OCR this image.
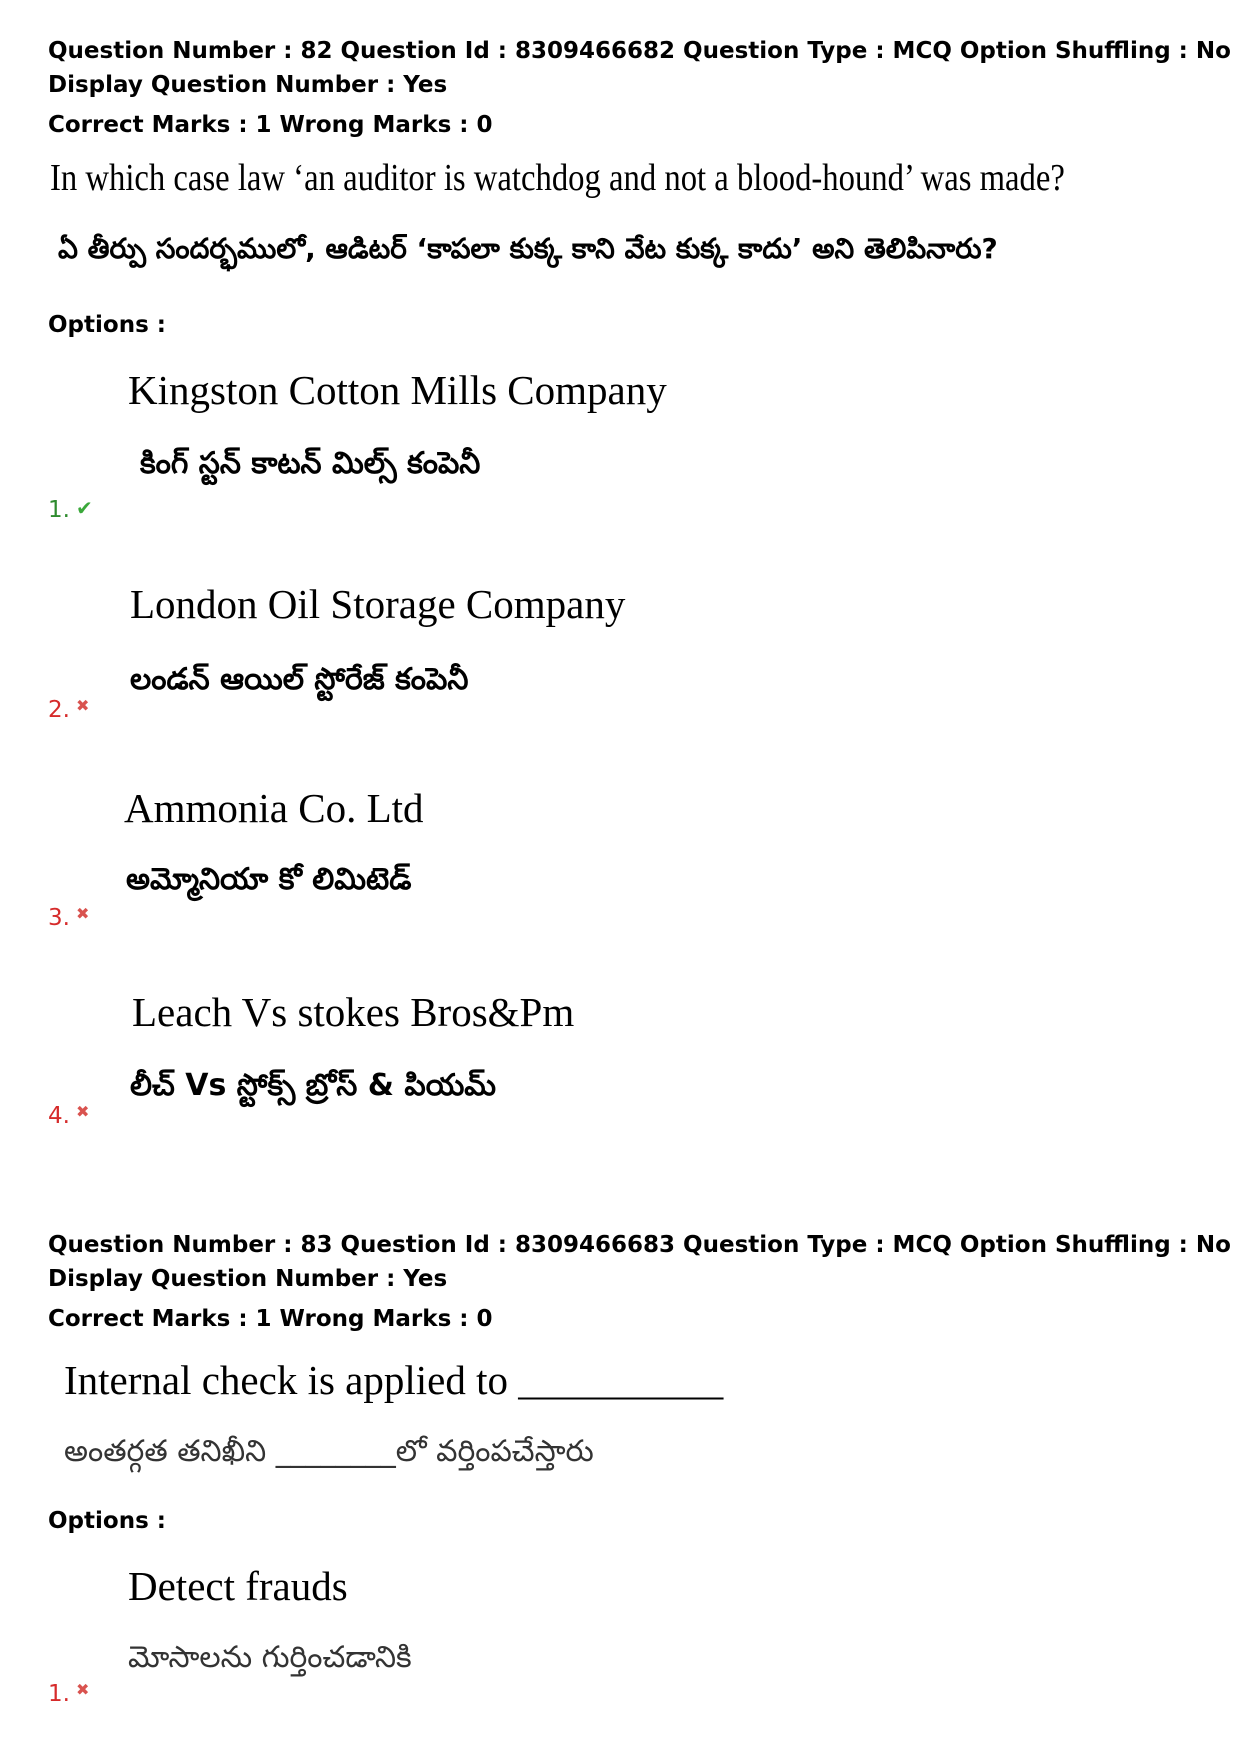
Question Number : 82 Question Id : 8309466682 Question Type : MCQ Option Shuffling : No
Display Question Number : Yes
Correct Marks : 1 Wrong Marks : 0
In which case law ‘an auditor is watchdog and not a blood-hound’ was made?
ఏ తీర్పు సందర్భములో, ఆడిటర్ ‘కాపలా కుక్క కాని వేట కుక్క కాదు’ అని తెలిపినారు?
Options :
Kingston Cotton Mills Company
కింగ్ స్టన్ కాటన్ మిల్స్ కంపెనీ
1. ✔
London Oil Storage Company
లండన్ ఆయిల్ స్టోరేజ్ కంపెనీ
2. ✖
Ammonia Co. Ltd
అమ్మోనియా కో లిమిటెడ్
3. ✖
Leach Vs stokes Bros&Pm
లీచ్ Vs స్టోక్స్ బ్రోస్ & పియమ్
4. ✖
Question Number : 83 Question Id : 8309466683 Question Type : MCQ Option Shuffling : No
Display Question Number : Yes
Correct Marks : 1 Wrong Marks : 0
Internal check is applied to __________
అంతర్గత తనిఖీని ________లో వర్తింపచేస్తారు
Options :
Detect frauds
మోసాలను గుర్తించడానికి
1. ✖
